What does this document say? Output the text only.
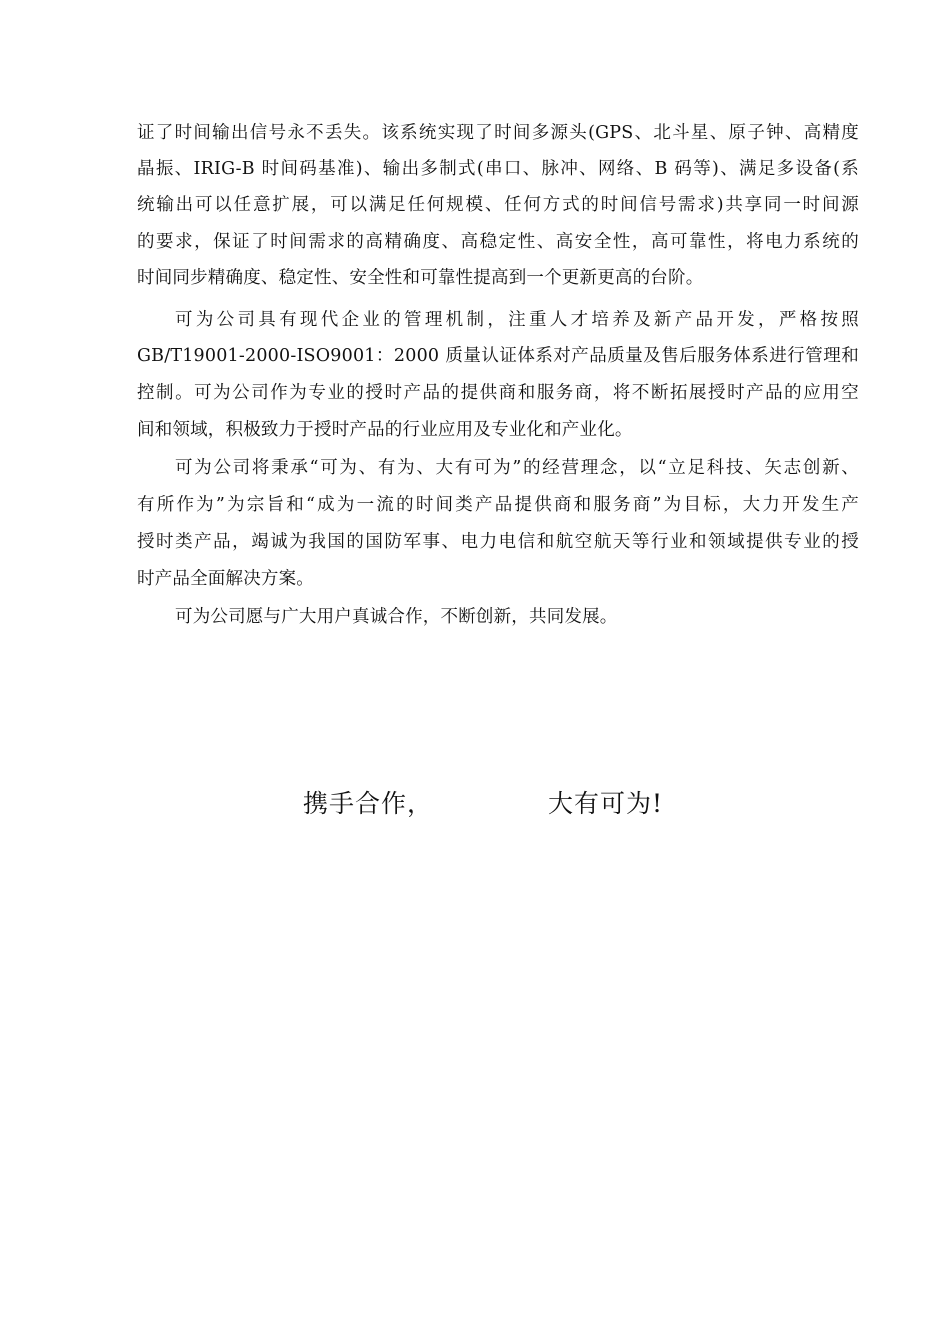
证了时间输出信号永不丢失。该系统实现了时间多源头(GPS、北斗星、原子钟、高精度
晶振、IRIG-B 时间码基准)、输出多制式(串口、脉冲、网络、B 码等)、满足多设备(系
统输出可以任意扩展，可以满足任何规模、任何方式的时间信号需求)共享同一时间源
的要求，保证了时间需求的高精确度、高稳定性、高安全性，高可靠性，将电力系统的
时间同步精确度、稳定性、安全性和可靠性提高到一个更新更高的台阶。
可为公司具有现代企业的管理机制，注重人才培养及新产品开发，严格按照
GB/T19001-2000-ISO9001：2000 质量认证体系对产品质量及售后服务体系进行管理和
控制。可为公司作为专业的授时产品的提供商和服务商，将不断拓展授时产品的应用空
间和领域，积极致力于授时产品的行业应用及专业化和产业化。
可为公司将秉承“可为、有为、大有可为”的经营理念，以“立足科技、矢志创新、
有所作为”为宗旨和“成为一流的时间类产品提供商和服务商”为目标，大力开发生产
授时类产品，竭诚为我国的国防军事、电力电信和航空航天等行业和领域提供专业的授
时产品全面解决方案。
可为公司愿与广大用户真诚合作，不断创新，共同发展。
携手合作，	大有可为!
